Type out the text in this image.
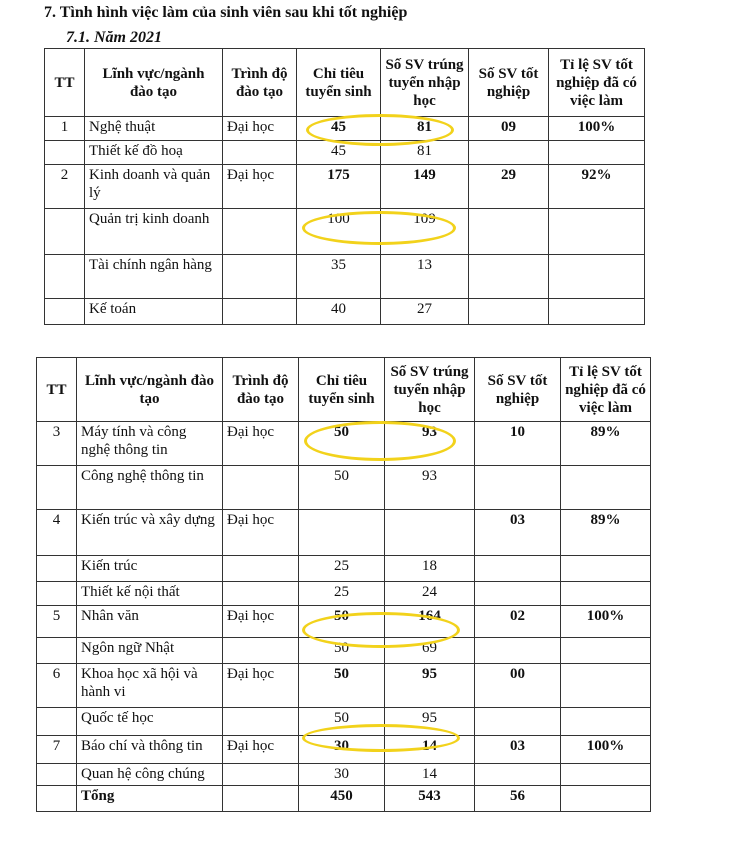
7. Tình hình việc làm của sinh viên sau khi tốt nghiệp
7.1. Năm 2021
TT	Lĩnh vực/ngành đào tạo	Trình độ đào tạo	Chỉ tiêu tuyển sinh	Số SV trúng tuyển nhập học	Số SV tốt nghiệp	Tỉ lệ SV tốt nghiệp đã có việc làm
1	Nghệ thuật	Đại học	45	81	09	100%
	Thiết kế đồ hoạ		45	81		
2	Kinh doanh và quản lý	Đại học	175	149	29	92%
	Quản trị kinh doanh		100	109		
	Tài chính ngân hàng		35	13		
	Kế toán		40	27		
TT	Lĩnh vực/ngành đào tạo	Trình độ đào tạo	Chỉ tiêu tuyển sinh	Số SV trúng tuyển nhập học	Số SV tốt nghiệp	Tỉ lệ SV tốt nghiệp đã có việc làm
3	Máy tính và công nghệ thông tin	Đại học	50	93	10	89%
	Công nghệ thông tin		50	93		
4	Kiến trúc và xây dựng	Đại học			03	89%
	Kiến trúc		25	18		
	Thiết kế nội thất		25	24		
5	Nhân văn	Đại học	50	164	02	100%
	Ngôn ngữ Nhật		50	69		
6	Khoa học xã hội và hành vi	Đại học	50	95	00	
	Quốc tế học		50	95		
7	Báo chí và thông tin	Đại học	30	14	03	100%
	Quan hệ công chúng		30	14		
	Tổng		450	543	56	
